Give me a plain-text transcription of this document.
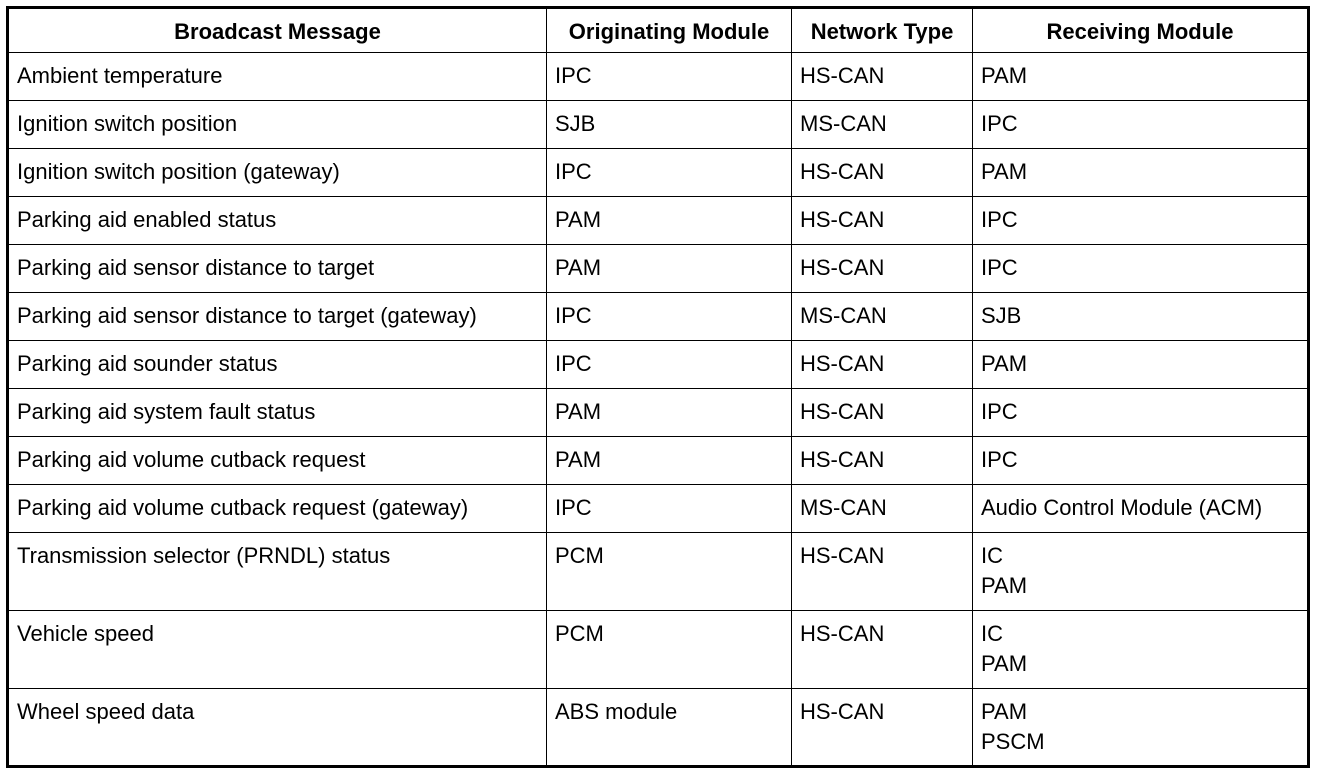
Broadcast Message	Originating Module	Network Type	Receiving Module
Ambient temperature	IPC	HS-CAN	PAM

Ignition switch position	SJB	MS-CAN	IPC

Ignition switch position (gateway)	IPC	HS-CAN	PAM

Parking aid enabled status	PAM	HS-CAN	IPC

Parking aid sensor distance to target	PAM	HS-CAN	IPC

Parking aid sensor distance to target (gateway)	IPC	MS-CAN	SJB

Parking aid sounder status	IPC	HS-CAN	PAM

Parking aid system fault status	PAM	HS-CAN	IPC

Parking aid volume cutback request	PAM	HS-CAN	IPC

Parking aid volume cutback request (gateway)	IPC	MS-CAN	Audio Control Module (ACM)

Transmission selector (PRNDL) status	PCM	HS-CAN	IC
PAM

Vehicle speed	PCM	HS-CAN	IC
PAM

Wheel speed data	ABS module	HS-CAN	PAM
PSCM
